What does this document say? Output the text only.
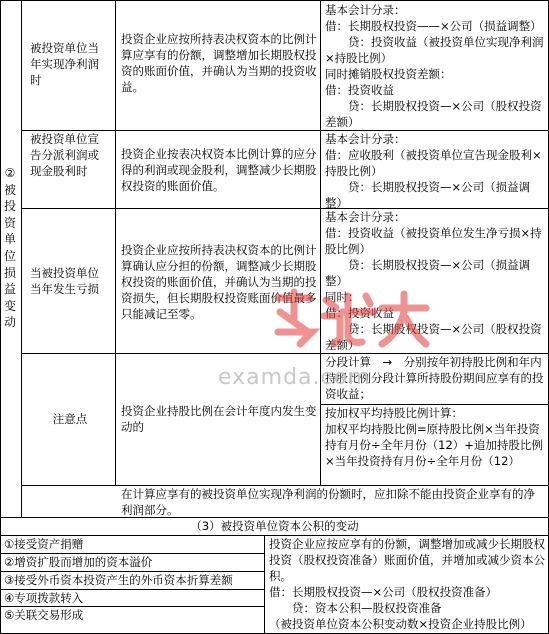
②被投资单位损益变动
被投资单位当年实现净利润时
投资企业应按所持表决权资本的比例计算应享有的份额，调整增加长期股权投资的账面价值，并确认为当期的投资收益。
基本会计分录：
借：长期股权投资——×公司（损益调整）
　　贷：投资收益（被投资单位实现净利润×持股比例）
同时摊销股权投资差额：
借：投资收益
　　贷：长期股权投资—×公司（股权投资差额）
被投资单位宣告分派利润或现金股利时
投资企业按表决权资本比例计算的应分得的利润或现金股利，调整减少长期股权投资的账面价值。
基本会计分录：
借：应收股利（被投资单位宣告现金股利×持股比例）
　　贷：长期股权投资—×公司（损益调整）
当被投资单位当年发生亏损
投资企业应按所持表决权资本的比例计算确认应分担的份额，调整减少长期股权投资的账面价值，并确认为当期的投资损失，但长期股权投资账面价值最多只能减记至零。
基本会计分录：
借：投资收益（被投资单位发生净亏损×持股比例）
　　贷：长期股权投资—×公司（损益调整）
同时：
借：投资收益
　　贷：长期股权投资—×公司（股权投资差额）
注意点
投资企业持股比例在会计年度内发生变动的
分段计算　→　分别按年初持股比例和年内持股比例分段计算所持股份期间应享有的投资收益；
按加权平均持股比例计算：
加权平均持股比例=原持股比例×当年投资持有月份÷全年月份（12）+追加持股比例×当年投资持有月份÷全年月份（12）
在计算应享有的被投资单位实现净利润的份额时，应扣除不能由投资企业享有的净利润部分。
（3）被投资单位资本公积的变动
①接受资产捐赠
②增资扩股而增加的资本溢价
③接受外币资本投资产生的外币资本折算差额
④专项拨款转入
⑤关联交易形成
投资企业应按应享有的份额，调整增加或减少长期股权投资（股权投资准备）账面价值，并增加或减少资本公积。
借：长期股权投资—×公司（股权投资准备）
　　贷：资本公积—股权投资准备
（被投资单位资本公积变动数×投资企业持股比例）
examda.com
